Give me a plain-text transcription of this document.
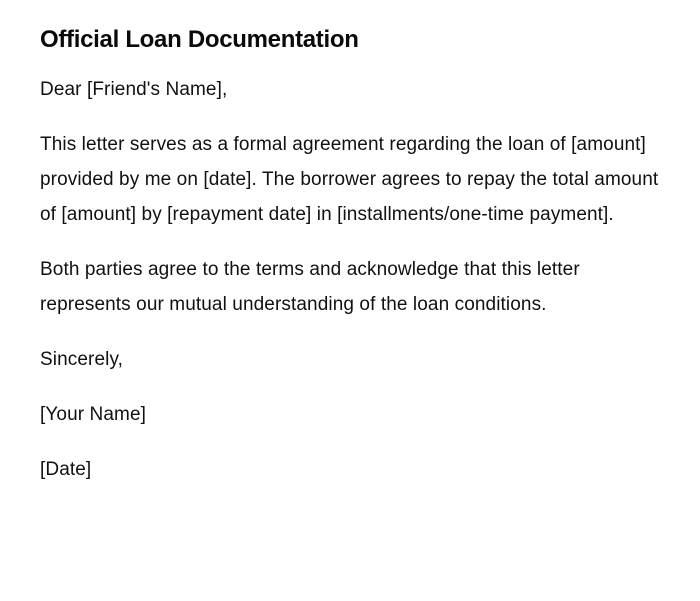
Official Loan Documentation

Dear [Friend's Name],

This letter serves as a formal agreement regarding the loan of [amount] provided by me on [date]. The borrower agrees to repay the total amount of [amount] by [repayment date] in [installments/one-time payment].

Both parties agree to the terms and acknowledge that this letter represents our mutual understanding of the loan conditions.

Sincerely,

[Your Name]

[Date]
